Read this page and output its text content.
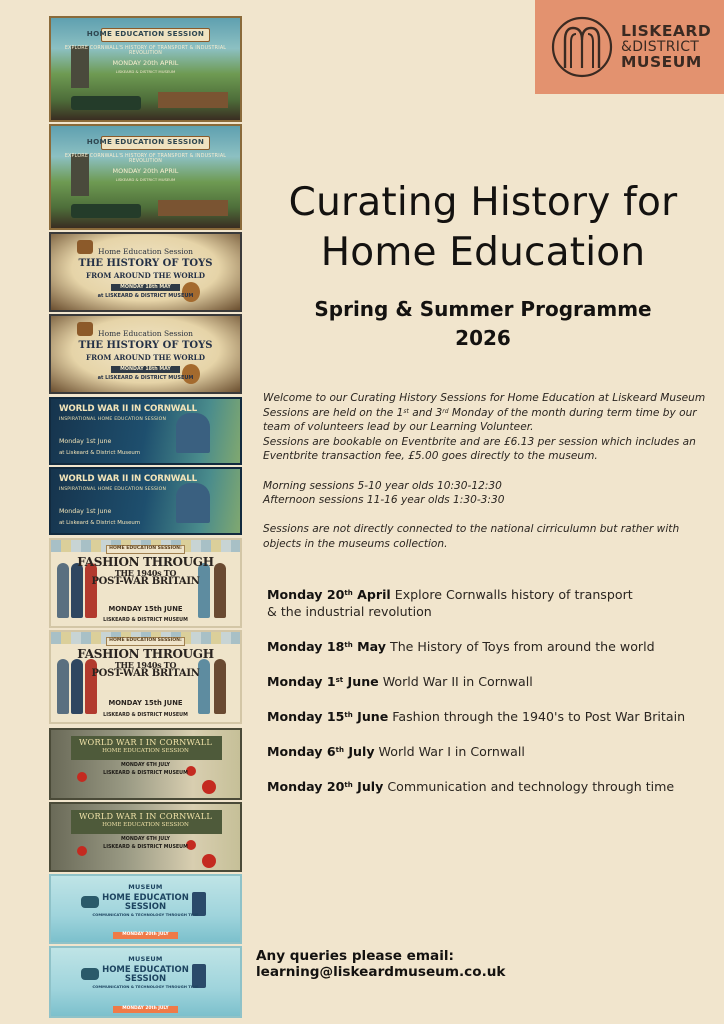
LISKEARD
&DISTRICT
MUSEUM
Curating History for
Home Education
Spring & Summer Programme
2026

Welcome to our Curating History Sessions for Home Education at Liskeard Museum

Sessions are held on the 1st and 3rd Monday of the month during term time by our

team of volunteers lead by our Learning Volunteer.

Sessions are bookable on Eventbrite and are £6.13 per session which includes an

Eventbrite transaction fee, £5.00 goes directly to the museum.

Morning sessions 5-10 year olds 10:30-12:30

Afternoon sessions 11-16 year olds 1:30-3:30

Sessions are not directly connected to the national cirriculumn but rather with

objects in the museums collection.

Monday 20th April Explore Cornwalls history of transport
& the industrial revolution
Monday 18th May The History of Toys from around the world
Monday 1st June World War II in Cornwall
Monday 15th June Fashion through the 1940's to Post War Britain
Monday 6th July World War I in Cornwall
Monday 20th July Communication and technology through time
Any queries please email: learning@liskeardmuseum.co.uk
HOME EDUCATION SESSION
EXPLORE CORNWALL'S HISTORY OF TRANSPORT & INDUSTRIAL REVOLUTION
MONDAY 20th APRIL
LISKEARD & DISTRICT MUSEUM
HOME EDUCATION SESSION
EXPLORE CORNWALL'S HISTORY OF TRANSPORT & INDUSTRIAL REVOLUTION
MONDAY 20th APRIL
LISKEARD & DISTRICT MUSEUM
Home Education Session
THE HISTORY OF TOYS
FROM AROUND THE WORLD
MONDAY 18th MAY
at LISKEARD & DISTRICT MUSEUM
Home Education Session
THE HISTORY OF TOYS
FROM AROUND THE WORLD
MONDAY 18th MAY
at LISKEARD & DISTRICT MUSEUM
WORLD WAR II IN CORNWALL
INSPIRATIONAL HOME EDUCATION SESSION
Monday 1st June
at Liskeard & District Museum
WORLD WAR II IN CORNWALL
INSPIRATIONAL HOME EDUCATION SESSION
Monday 1st June
at Liskeard & District Museum
HOME EDUCATION SESSION:
FASHION THROUGH
THE 1940s TO
POST-WAR BRITAIN
MONDAY 15th JUNE
LISKEARD & DISTRICT MUSEUM
HOME EDUCATION SESSION:
FASHION THROUGH
THE 1940s TO
POST-WAR BRITAIN
MONDAY 15th JUNE
LISKEARD & DISTRICT MUSEUM
WORLD WAR I IN CORNWALL
HOME EDUCATION SESSION
MONDAY 6TH JULY
LISKEARD & DISTRICT MUSEUM
WORLD WAR I IN CORNWALL
HOME EDUCATION SESSION
MONDAY 6TH JULY
LISKEARD & DISTRICT MUSEUM
MUSEUM
HOME EDUCATION
SESSION
COMMUNICATION & TECHNOLOGY THROUGH TIME
MONDAY 20th JULY
MUSEUM
HOME EDUCATION
SESSION
COMMUNICATION & TECHNOLOGY THROUGH TIME
MONDAY 20th JULY
